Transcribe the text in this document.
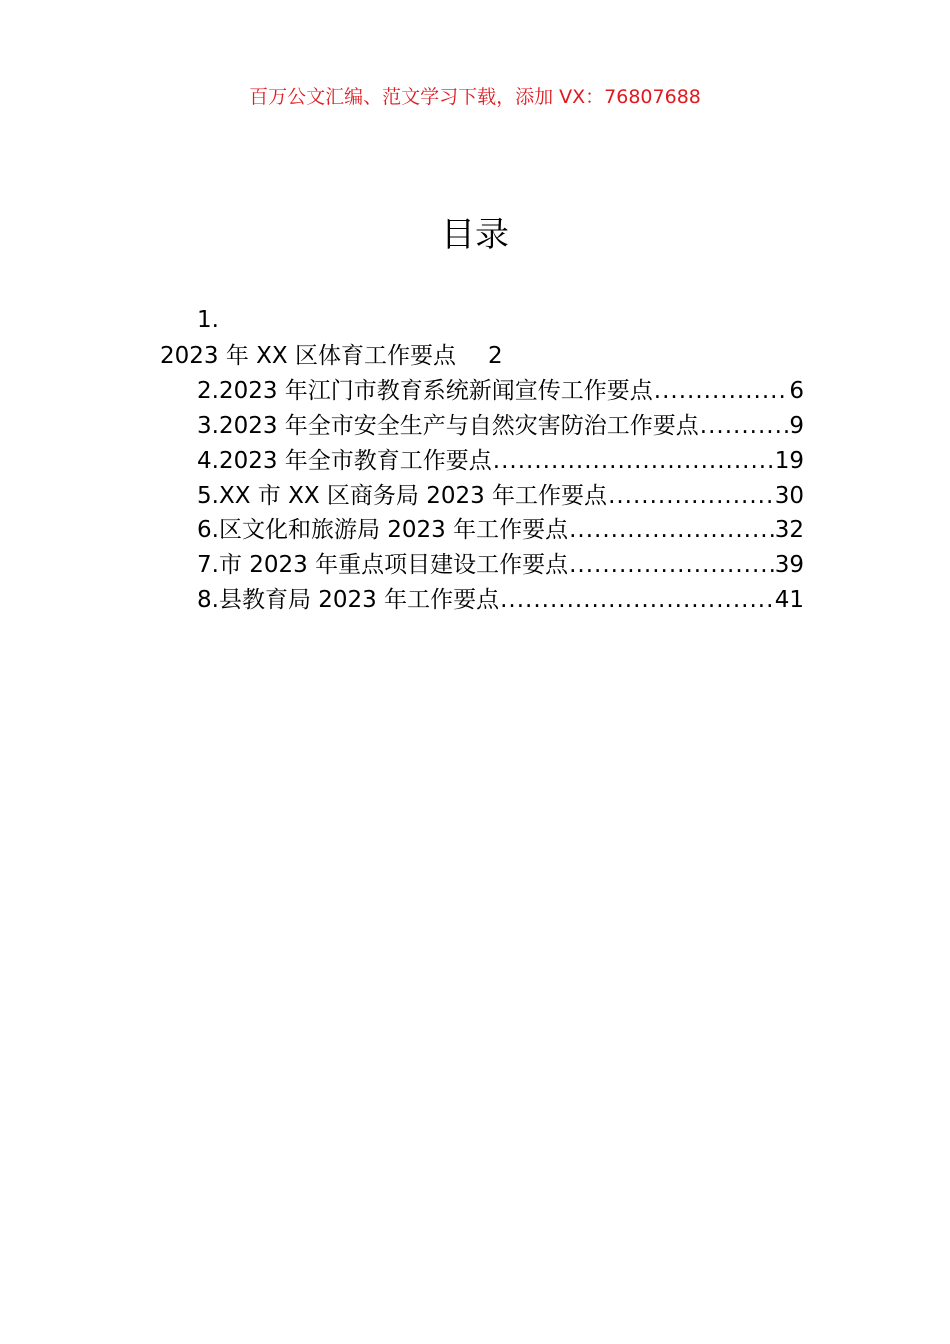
百万公文汇编、范文学习下载，添加 VX：76807688
目录
1.
2023 年 XX 区体育工作要点 2
2.2023 年江门市教育系统新闻宣传工作要点 .....	6
3.2023 年全市安全生产与自然灾害防治工作要点 .....	9
4.2023 年全市教育工作要点 .....	19
5.XX 市 XX 区商务局 2023 年工作要点 .....	30
6.区文化和旅游局 2023 年工作要点 .....	32
7.市 2023 年重点项目建设工作要点 .....	39
8.县教育局 2023 年工作要点 .....	41
